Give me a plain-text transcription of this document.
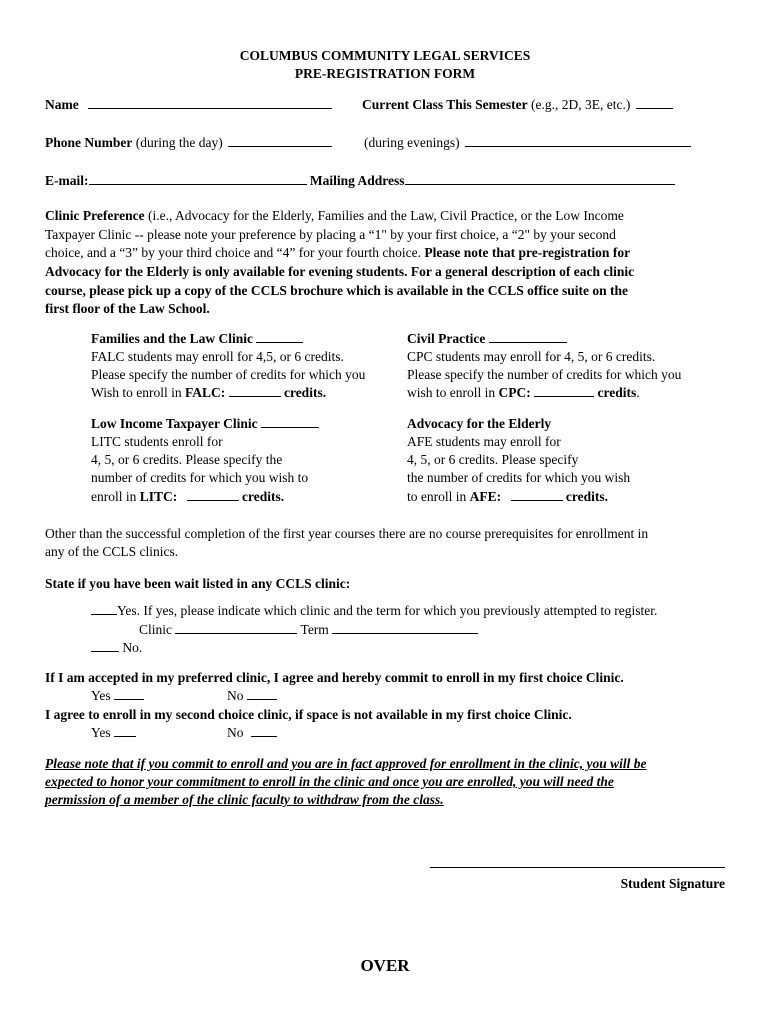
COLUMBUS COMMUNITY LEGAL SERVICES
PRE-REGISTRATION FORM
Name	Current Class This Semester (e.g., 2D, 3E, etc.)
Phone Number (during the day)	(during evenings)
E-mail:	Mailing Address
Clinic Preference (i.e., Advocacy for the Elderly, Families and the Law, Civil Practice, or the Low Income
Taxpayer Clinic -- please note your preference by placing a “1" by your first choice, a “2" by your second
choice, and a “3” by your third choice and “4” for your fourth choice. Please note that pre-registration for
Advocacy for the Elderly is only available for evening students. For a general description of each clinic
course, please pick up a copy of the CCLS brochure which is available in the CCLS office suite on the
first floor of the Law School.
Families and the Law Clinic
FALC students may enroll for 4,5, or 6 credits.
Please specify the number of credits for which you
Wish to enroll in FALC:	credits.
Civil Practice
CPC students may enroll for 4, 5, or 6 credits.
Please specify the number of credits for which you
wish to enroll in CPC:	credits.
Low Income Taxpayer Clinic
LITC students enroll for
4, 5, or 6 credits. Please specify the
number of credits for which you wish to
enroll in LITC:	credits.
Advocacy for the Elderly
AFE students may enroll for
4, 5, or 6 credits. Please specify
the number of credits for which you wish
to enroll in AFE:	credits.
Other than the successful completion of the first year courses there are no course prerequisites for enrollment in
any of the CCLS clinics.
State if you have been wait listed in any CCLS clinic:
Yes. If yes, please indicate which clinic and the term for which you previously attempted to register.
Clinic	Term
No.
If I am accepted in my preferred clinic, I agree and hereby commit to enroll in my first choice Clinic.
Yes	No
I agree to enroll in my second choice clinic, if space is not available in my first choice Clinic.
Yes	No
Please note that if you commit to enroll and you are in fact approved for enrollment in the clinic, you will be
expected to honor your commitment to enroll in the clinic and once you are enrolled, you will need the
permission of a member of the clinic faculty to withdraw from the class.
Student Signature
OVER
